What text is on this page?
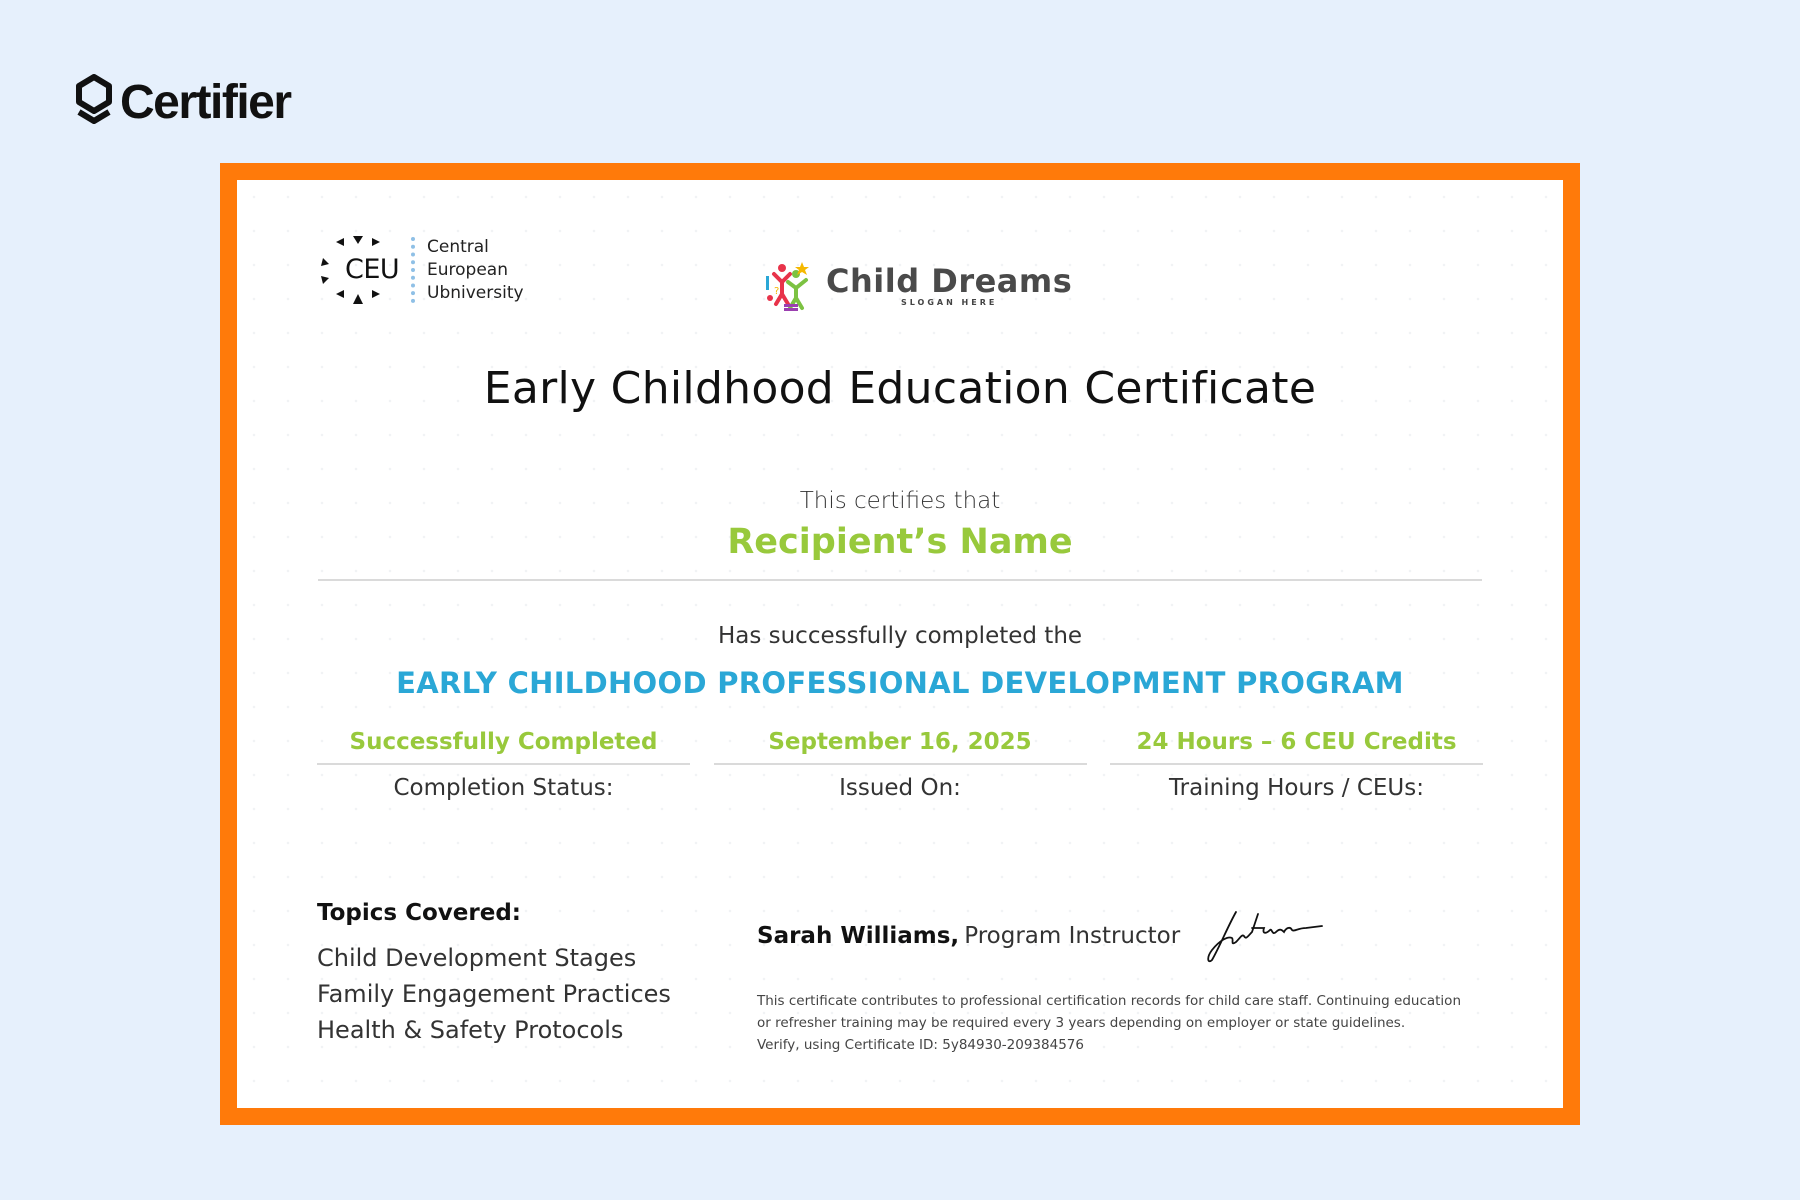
Certifier
CEU
Central
European
Ubniversity	? Child Dreams
SLOGAN HERE
Early Childhood Education Certificate
This certifies that
Recipient’s Name
Has successfully completed the
EARLY CHILDHOOD PROFESSIONAL DEVELOPMENT PROGRAM
Successfully Completed
Completion Status:
September 16, 2025
Issued On:
24 Hours – 6 CEU Credits
Training Hours / CEUs:
Topics Covered:
Child Development Stages
Family Engagement Practices
Health & Safety Protocols
Sarah Williams, Program Instructor
This certificate contributes to professional certification records for child care staff. Continuing education
or refresher training may be required every 3 years depending on employer or state guidelines.
Verify, using Certificate ID: 5y84930-209384576
